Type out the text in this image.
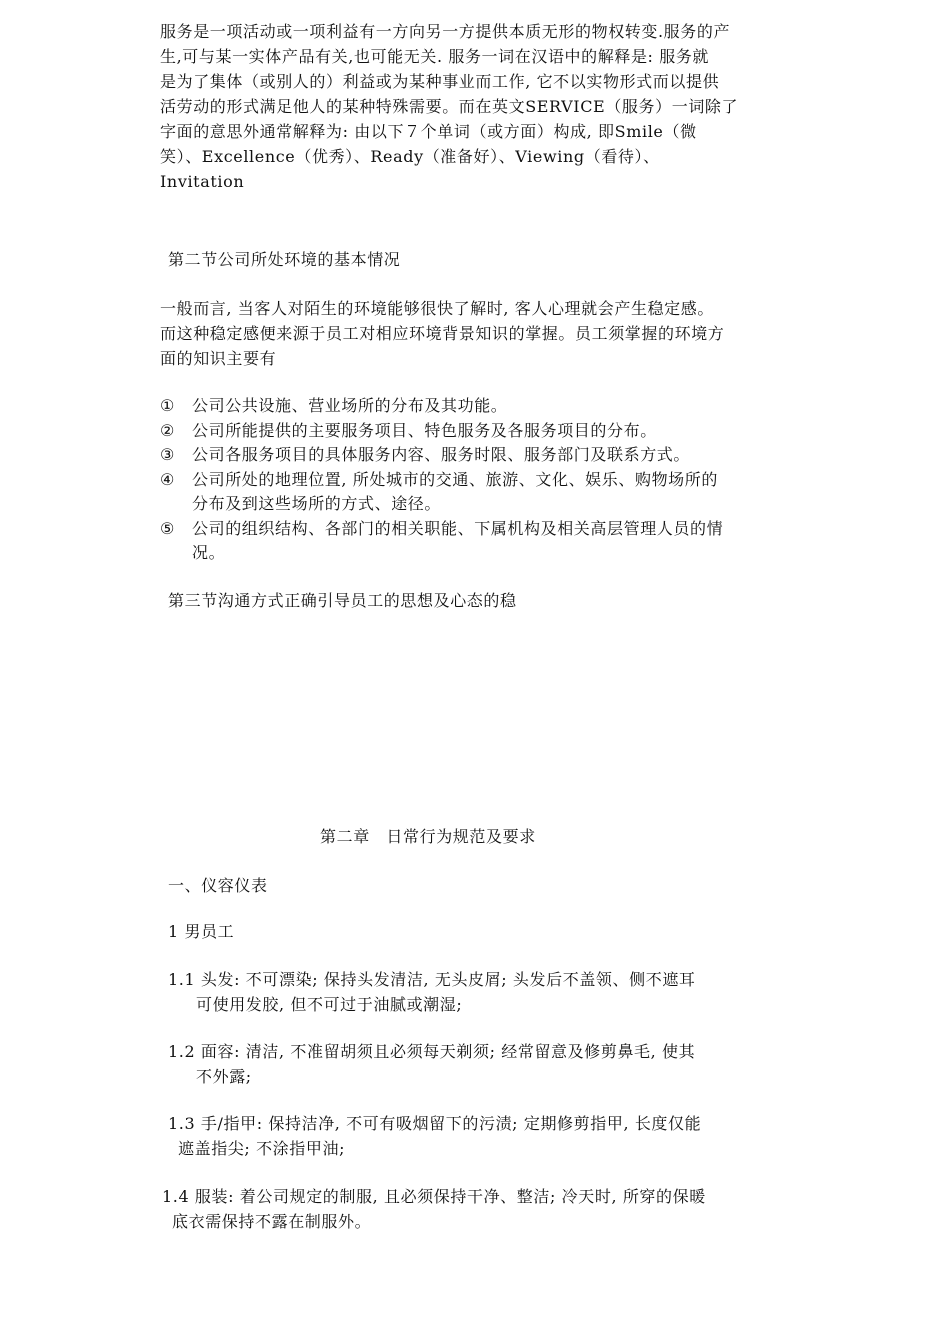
服务是一项活动或一项利益有一方向另一方提供本质无形的物权转变.服务的产

生,可与某一实体产品有关,也可能无关. 服务一词在汉语中的解释是: 服务就

是为了集体（或别人的）利益或为某种事业而工作, 它不以实物形式而以提供

活劳动的形式满足他人的某种特殊需要。而在英文SERVICE（服务）一词除了

字面的意思外通常解释为: 由以下７个单词（或方面）构成, 即Smile（微

笑）、Excellence（优秀）、Ready（准备好）、Viewing（看待）、

Invitation

第二节公司所处环境的基本情况

一般而言, 当客人对陌生的环境能够很快了解时, 客人心理就会产生稳定感。

而这种稳定感便来源于员工对相应环境背景知识的掌握。员工须掌握的环境方

面的知识主要有

①	公司公共设施、营业场所的分布及其功能。
②	公司所能提供的主要服务项目、特色服务及各服务项目的分布。
③	公司各服务项目的具体服务内容、服务时限、服务部门及联系方式。
④	公司所处的地理位置, 所处城市的交通、旅游、文化、娱乐、购物场所的
分布及到这些场所的方式、途径。
⑤	公司的组织结构、各部门的相关职能、下属机构及相关高层管理人员的情
况。
第三节沟通方式正确引导员工的思想及心态的稳
第二章　日常行为规范及要求
一、仪容仪表
1 男员工
1.1 头发: 不可漂染; 保持头发清洁, 无头皮屑; 头发后不盖领、侧不遮耳
可使用发胶, 但不可过于油腻或潮湿;
1.2 面容: 清洁, 不准留胡须且必须每天剃须; 经常留意及修剪鼻毛, 使其
不外露;
1.3 手/指甲: 保持洁净, 不可有吸烟留下的污渍; 定期修剪指甲, 长度仅能
遮盖指尖; 不涂指甲油;
1.4 服装: 着公司规定的制服, 且必须保持干净、整洁; 冷天时, 所穿的保暖
底衣需保持不露在制服外。
